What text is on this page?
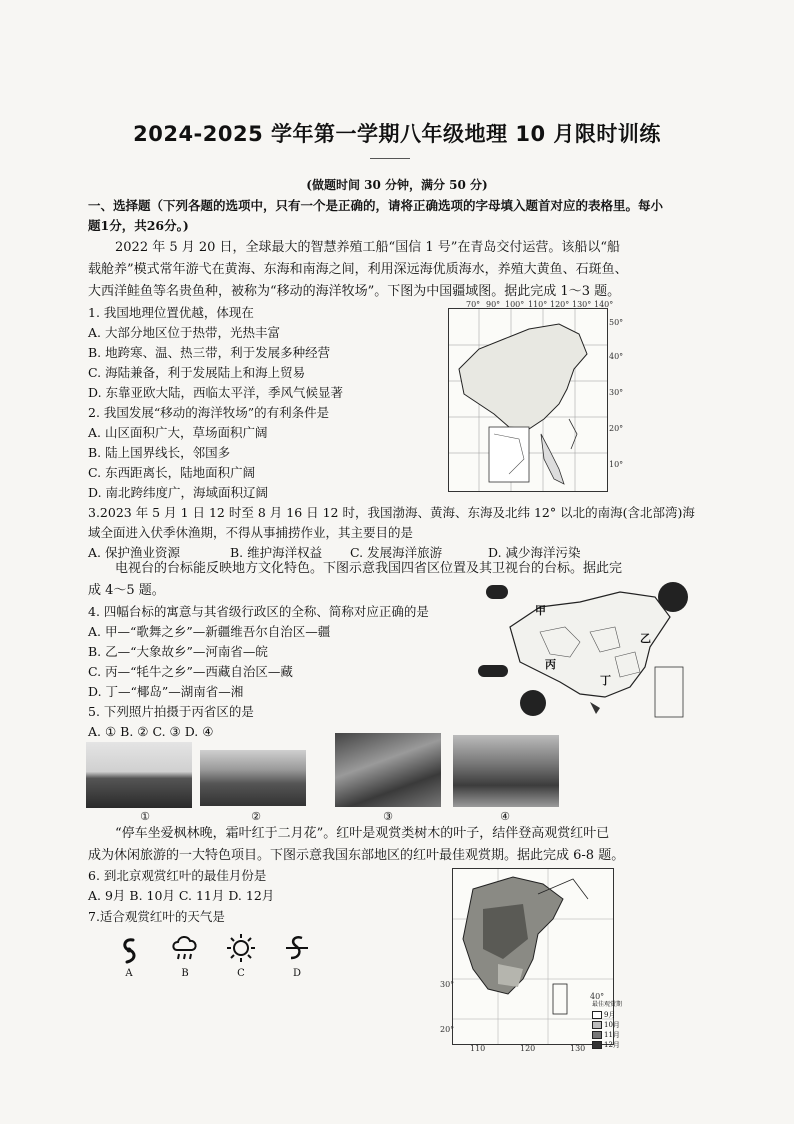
2024-2025 学年第一学期八年级地理 10 月限时训练
(做题时间 30 分钟，满分 50 分)
一、选择题（下列各题的选项中，只有一个是正确的，请将正确选项的字母填入题首对应的表格里。每小
题1分，共26分。)
2022 年 5 月 20 日，全球最大的智慧养殖工船“国信 1 号”在青岛交付运营。该船以“船
载舱养”模式常年游弋在黄海、东海和南海之间，利用深远海优质海水，养殖大黄鱼、石斑鱼、
大西洋鲑鱼等名贵鱼种，被称为“移动的海洋牧场”。下图为中国疆域图。据此完成 1～3 题。
1. 我国地理位置优越，体现在
A. 大部分地区位于热带，光热丰富
B. 地跨寒、温、热三带，利于发展多种经营
C. 海陆兼备，利于发展陆上和海上贸易
D. 东靠亚欧大陆，西临太平洋，季风气候显著
2. 我国发展“移动的海洋牧场”的有利条件是
A. 山区面积广大，草场面积广阔
B. 陆上国界线长，邻国多
C. 东西距离长，陆地面积广阔
D. 南北跨纬度广，海域面积辽阔
70° 90° 100° 110° 120° 130° 140°
50°
40°
30°
20°
10°
3.2023 年 5 月 1 日 12 时至 8 月 16 日 12 时，我国渤海、黄海、东海及北纬 12° 以北的南海(含北部湾)海
域全面进入伏季休渔期，不得从事捕捞作业，其主要目的是
A. 保护渔业资源	B. 维护海洋权益 C. 发展海洋旅游	D. 减少海洋污染
电视台的台标能反映地方文化特色。下图示意我国四省区位置及其卫视台的台标。据此完
成 4～5 题。
4. 四幅台标的寓意与其省级行政区的全称、简称对应正确的是
A. 甲—“歌舞之乡”—新疆维吾尔自治区—疆
B. 乙—“大象故乡”—河南省—皖
C. 丙—“牦牛之乡”—西藏自治区—藏
D. 丁—“椰岛”—湖南省—湘
5. 下列照片拍摄于丙省区的是
A. ① B. ② C. ③ D. ④
甲
乙
丙
丁
①	②	③	④
“停车坐爱枫林晚，霜叶红于二月花”。红叶是观赏类树木的叶子，结伴登高观赏红叶已
成为休闲旅游的一大特色项目。下图示意我国东部地区的红叶最佳观赏期。据此完成 6-8 题。
6. 到北京观赏红叶的最佳月份是
A. 9月 B. 10月 C. 11月 D. 12月
7.适合观赏红叶的天气是
A	B	C	D
40°
30°
20°
110	120	130
最佳观赏期
9月
10月
11月
12月
